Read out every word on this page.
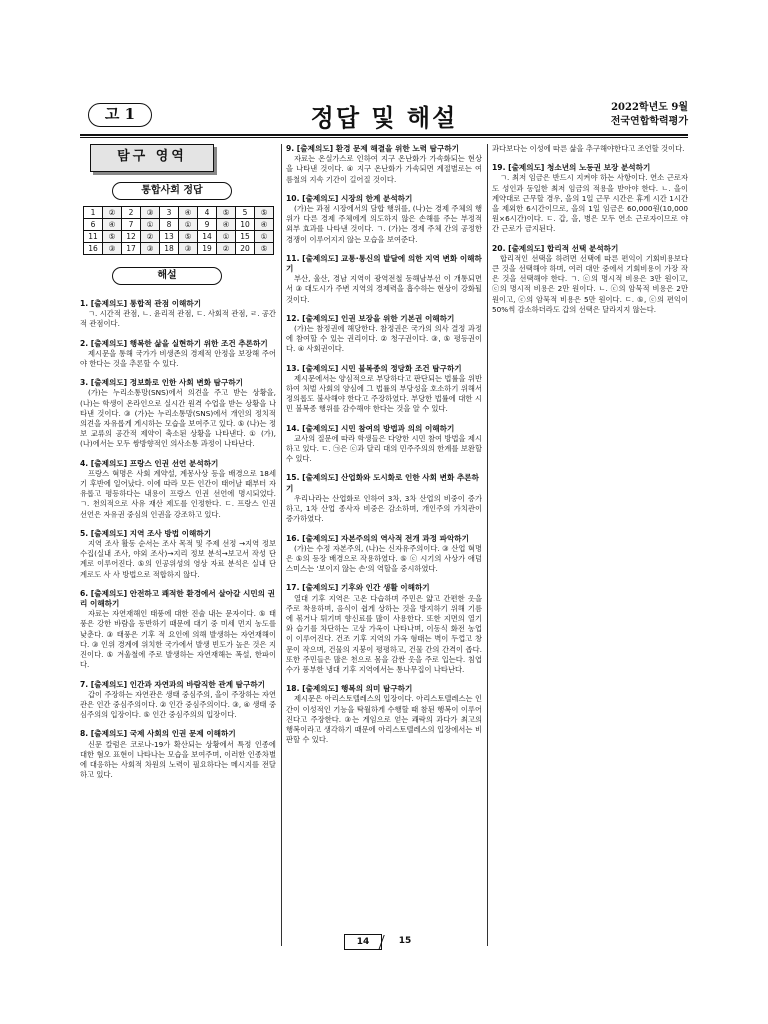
고 1	정답 및 해설	2022학년도 9월
전국연합학력평가
탐구 영역
통합사회 정답
1	②	2	③	3	④	4	⑤	5	⑤
6	④	7	①	8	①	9	④	10	④
11	⑤	12	②	13	⑤	14	①	15	①
16	③	17	③	18	③	19	②	20	⑤
해설
1. [출제의도] 통합적 관점 이해하기
ㄱ. 시간적 관점, ㄴ. 윤리적 관점, ㄷ. 사회적 관점, ㄹ. 공간적 관점이다.
2. [출제의도] 행복한 삶을 실현하기 위한 조건 추론하기
제시문을 통해 국가가 비생존의 경제적 안정을 보장해 주어야 한다는 것을 추론할 수 있다.
3. [출제의도] 정보화로 인한 사회 변화 탐구하기
(가)는 누리소통망(SNS)에서 의견을 주고 받는 상황을, (나)는 학생이 온라인으로 실시간 원격 수업을 받는 상황을 나타낸 것이다. ③ (가)는 누리소통망(SNS)에서 개인의 정치적 의견을 자유롭게 게시하는 모습을 보여주고 있다. ⑤ (나)는 정보 교류의 공간적 제약이 축소된 상황을 나타낸다. ① (가), (나)에서는 모두 쌍방향적인 의사소통 과정이 나타난다.
4. [출제의도] 프랑스 인권 선언 분석하기
프랑스 혁명은 사회 계약설, 계몽사상 등을 배경으로 18세기 후반에 일어났다. 이에 따라 모든 인간이 태어날 때부터 자유롭고 평등하다는 내용이 프랑스 인권 선언에 명시되었다. ㄱ. 천의적으로 사유 재산 제도를 인정한다. ㄷ. 프랑스 인권 선언은 자유권 중심의 인권을 강조하고 있다.
5. [출제의도] 지역 조사 방법 이해하기
지역 조사 활동 순서는 조사 목적 및 주제 선정 →지역 정보 수집(실내 조사, 야외 조사)→지리 정보 분석→보고서 작성 단계로 이루어진다. ⑤의 인공위성의 영상 자료 분석은 실내 단계로도 사 사 방법으로 적합하지 않다.
6. [출제의도] 안전하고 쾌적한 환경에서 살아갈 시민의 권리 이해하기
자료는 자연재해인 태풍에 대한 진술 내는 문자이다. ⑤ 태풍은 강한 바람을 동반하기 때문에 대기 중 미세 먼지 농도를 낮춘다. ③ 태풍은 기후 적 요인에 의해 발생하는 자연재해이다. ③ 인위 경계에 위치한 국가에서 발생 빈도가 높은 것은 지진이다. ⑤ 겨울철에 주로 발생하는 자연재해는 폭설, 한파이다.
7. [출제의도] 인간과 자연과의 바람직한 관계 탐구하기
갑이 주장하는 자연관은 생태 중심주의, 을이 주장하는 자연관은 인간 중심주의이다. ② 인간 중심주의이다. ③, ④ 생태 중심주의의 입장이다. ⑤ 인간 중심주의의 입장이다.
8. [출제의도] 국제 사회의 인권 문제 이해하기
신문 칼럼은 코로나-19가 확산되는 상황에서 특정 인종에 대한 혐오 표현이 나타나는 모습을 보여주며, 이러한 인종차별에 대응하는 사회적 차원의 노력이 필요하다는 메시지를 전달하고 있다.
9. [출제의도] 환경 문제 해결을 위한 노력 탐구하기
자료는 온실가스로 인하여 지구 온난화가 가속화되는 현상을 나타낸 것이다. ④ 지구 온난화가 가속되면 계절별로는 여름철의 지속 기간이 길어질 것이다.
10. [출제의도] 시장의 한계 분석하기
(가)는 과점 시장에서의 담합 행위를, (나)는 경제 주체의 행위가 다른 경제 주체에게 의도하지 않은 손해를 주는 부정적 외부 효과를 나타낸 것이다. ㄱ. (가)는 경제 주체 간의 공정한 경쟁이 이루어지지 않는 모습을 보여준다.
11. [출제의도] 교통·통신의 발달에 의한 지역 변화 이해하기
부산, 울산, 경남 지역이 광역전철 동해남부선 이 개통되면서 ③ 대도시가 주변 지역의 경제력을 흡수하는 현상이 강화될 것이다.
12. [출제의도] 인권 보장을 위한 기본권 이해하기
(가)는 참정권에 해당한다. 참정권은 국가의 의사 결정 과정에 참여할 수 있는 권리이다. ② 청구권이다. ③, ⑤ 평등권이다. ④ 사회권이다.
13. [출제의도] 시민 불복종의 정당화 조건 탐구하기
제시문에서는 양심적으로 부당하다고 판단되는 법률을 위반하여 처벌 사회의 양심에 그 법률의 부당성을 호소하기 위해서 정의롭도 불사해야 한다고 주장하였다. 부당한 법률에 대한 시민 불복종 행위를 감수해야 한다는 것을 알 수 있다.
14. [출제의도] 시민 참여의 방법과 의의 이해하기
교사의 질문에 따라 학생들은 다양한 시민 참여 방법을 제시하고 있다. ㄷ. ㉠은 ⓒ과 달리 대의 민주주의의 한계를 보완할 수 있다.
15. [출제의도] 산업화와 도시화로 인한 사회 변화 추론하기
우리나라는 산업화로 인하여 3차, 3차 산업의 비중이 증가하고, 1차 산업 종사자 비중은 감소하며, 개인주의 가치관이 증가하였다.
16. [출제의도] 자본주의의 역사적 전개 과정 파악하기
(가)는 수정 자본주의, (나)는 신자유주의이다. ③ 산업 혁명은 ⑤의 등장 배경으로 작용하였다. ⑤ ⓒ 시기의 사상가 애덤 스미스는 '보이지 않는 손'의 역할을 중시하였다.
17. [출제의도] 기후와 인간 생활 이해하기
열대 기후 지역은 고온 다습하며 주민은 얇고 간편한 옷을 주로 착용하며, 음식이 쉽게 상하는 것을 방지하기 위해 기름에 볶거나 튀기며 향신료를 많이 사용한다. 또한 지면의 열기와 습기를 차단하는 고상 가옥이 나타나며, 이동식 화전 농업이 이루어진다. 건조 기후 지역의 가옥 형태는 벽이 두껍고 창문이 작으며, 건물의 지붕이 평평하고, 건물 간의 간격이 좁다. 또한 주민들은 많은 천으로 몸을 감싼 옷을 주로 입는다. 침엽수가 풍부한 냉대 기후 지역에서는 통나무집이 나타난다.
18. [출제의도] 행복의 의미 탐구하기
제시문은 아리스토텔레스의 입장이다. 아리스토텔레스는 인간이 이성적인 기능을 탁월하게 수행할 때 참된 행복이 이루어진다고 주장한다. ③는 게임으로 얻는 쾌락의 과다가 최고의 행복이라고 생각하기 때문에 아리스토텔레스의 입장에서는 비판할 수 있다.
과다보다는 이성에 따른 삶을 추구해야한다고 조언할 것이다.
19. [출제의도] 청소년의 노동권 보장 분석하기
ㄱ. 최저 임금은 반드시 지켜야 하는 사항이다. 연소 근로자도 성인과 동일한 최저 임금의 적용을 받아야 한다. ㄴ. 을이 계약대로 근무할 경우, 을의 1일 근무 시간은 휴게 시간 1시간을 제외한 6시간이므로, 을의 1일 임금은 60,000원(10,000원×6시간)이다. ㄷ. 갑, 을, 병은 모두 연소 근로자이므로 야간 근로가 금지된다.
20. [출제의도] 합리적 선택 분석하기
합리적인 선택을 하려면 선택에 따른 편익이 기회비용보다 큰 것을 선택해야 하며, 여러 대안 중에서 기회비용이 가장 작은 것을 선택해야 한다. ㄱ. ⓒ의 명시적 비용은 3만 원이고, ⓒ의 명시적 비용은 2만 원이다. ㄴ. ⓒ의 암묵적 비용은 2만 원이고, ⓒ의 암묵적 비용은 5만 원이다. ㄷ. ⑤, ⓒ의 편익이 50%씩 감소하더라도 갑의 선택은 달라지지 않는다.
14	15
